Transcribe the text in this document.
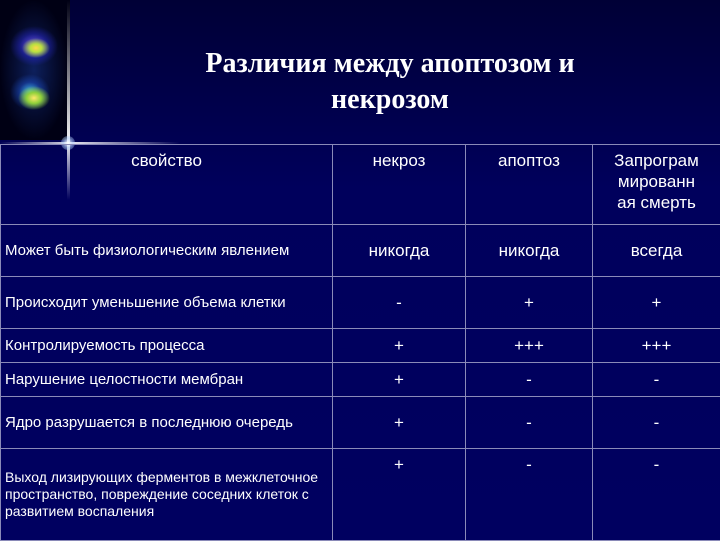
Различия между апоптозом и
некрозом
свойство	некроз	апоптоз	Запрограм
мированн
ая смерть

Может быть физиологическим явлением	никогда	никогда	всегда
Происходит уменьшение объема клетки	-	+	+
Контролируемость процесса	+	+++	+++
Нарушение целостности мембран	+	-	-
Ядро разрушается в последнюю очередь	+	-	-
Выход лизирующих ферментов в межклеточное пространство, повреждение соседних клеток с развитием воспаления	+	-	-
